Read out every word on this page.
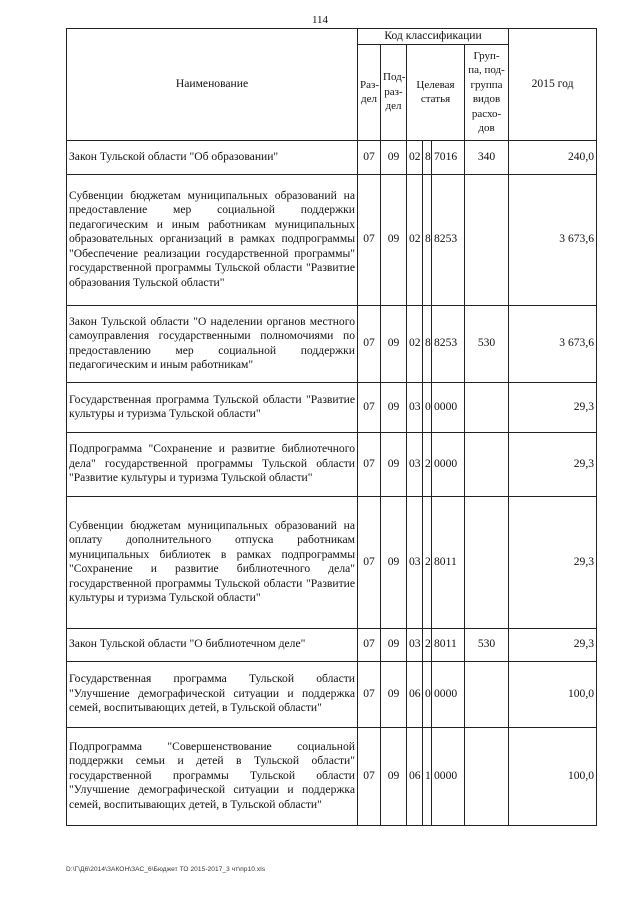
114
Наименование	Код классификации						2015 год
	Раз-дел	Под-раз-дел	Целевая статья			Груп-па, под-группа видов расхо-дов	
Закон Тульской области "Об образовании"	07	09	02	8	7016	340	240,0
Субвенции бюджетам муниципальных образований на предоставление мер социальной поддержки педагогическим и иным работникам муниципальных образовательных организаций в рамках подпрограммы "Обеспечение реализации государственной программы" государственной программы Тульской области "Развитие образования Тульской области"	07	09	02	8	8253		3 673,6
Закон Тульской области "О наделении органов местного самоуправления государственными полномочиями по предоставлению мер социальной поддержки педагогическим и иным работникам"	07	09	02	8	8253	530	3 673,6
Государственная программа Тульской области "Развитие культуры и туризма Тульской области"	07	09	03	0	0000		29,3
Подпрограмма "Сохранение и развитие библиотечного дела" государственной программы Тульской области "Развитие культуры и туризма Тульской области"	07	09	03	2	0000		29,3
Субвенции бюджетам муниципальных образований на оплату дополнительного отпуска работникам муниципальных библиотек в рамках подпрограммы "Сохранение и развитие библиотечного дела" государственной программы Тульской области "Развитие культуры и туризма Тульской области"	07	09	03	2	8011		29,3
Закон Тульской области "О библиотечном деле"	07	09	03	2	8011	530	29,3
Государственная программа Тульской области "Улучшение демографической ситуации и поддержка семей, воспитывающих детей, в Тульской области"	07	09	06	0	0000		100,0
Подпрограмма "Совершенствование социальной поддержки семьи и детей в Тульской области" государственной программы Тульской области "Улучшение демографической ситуации и поддержка семей, воспитывающих детей, в Тульской области"	07	09	06	1	0000		100,0
D:\Г\Д6\2014\ЗАКОН\ЗАС_6\Бюджет ТО 2015-2017_3 чт\пр10.xls
